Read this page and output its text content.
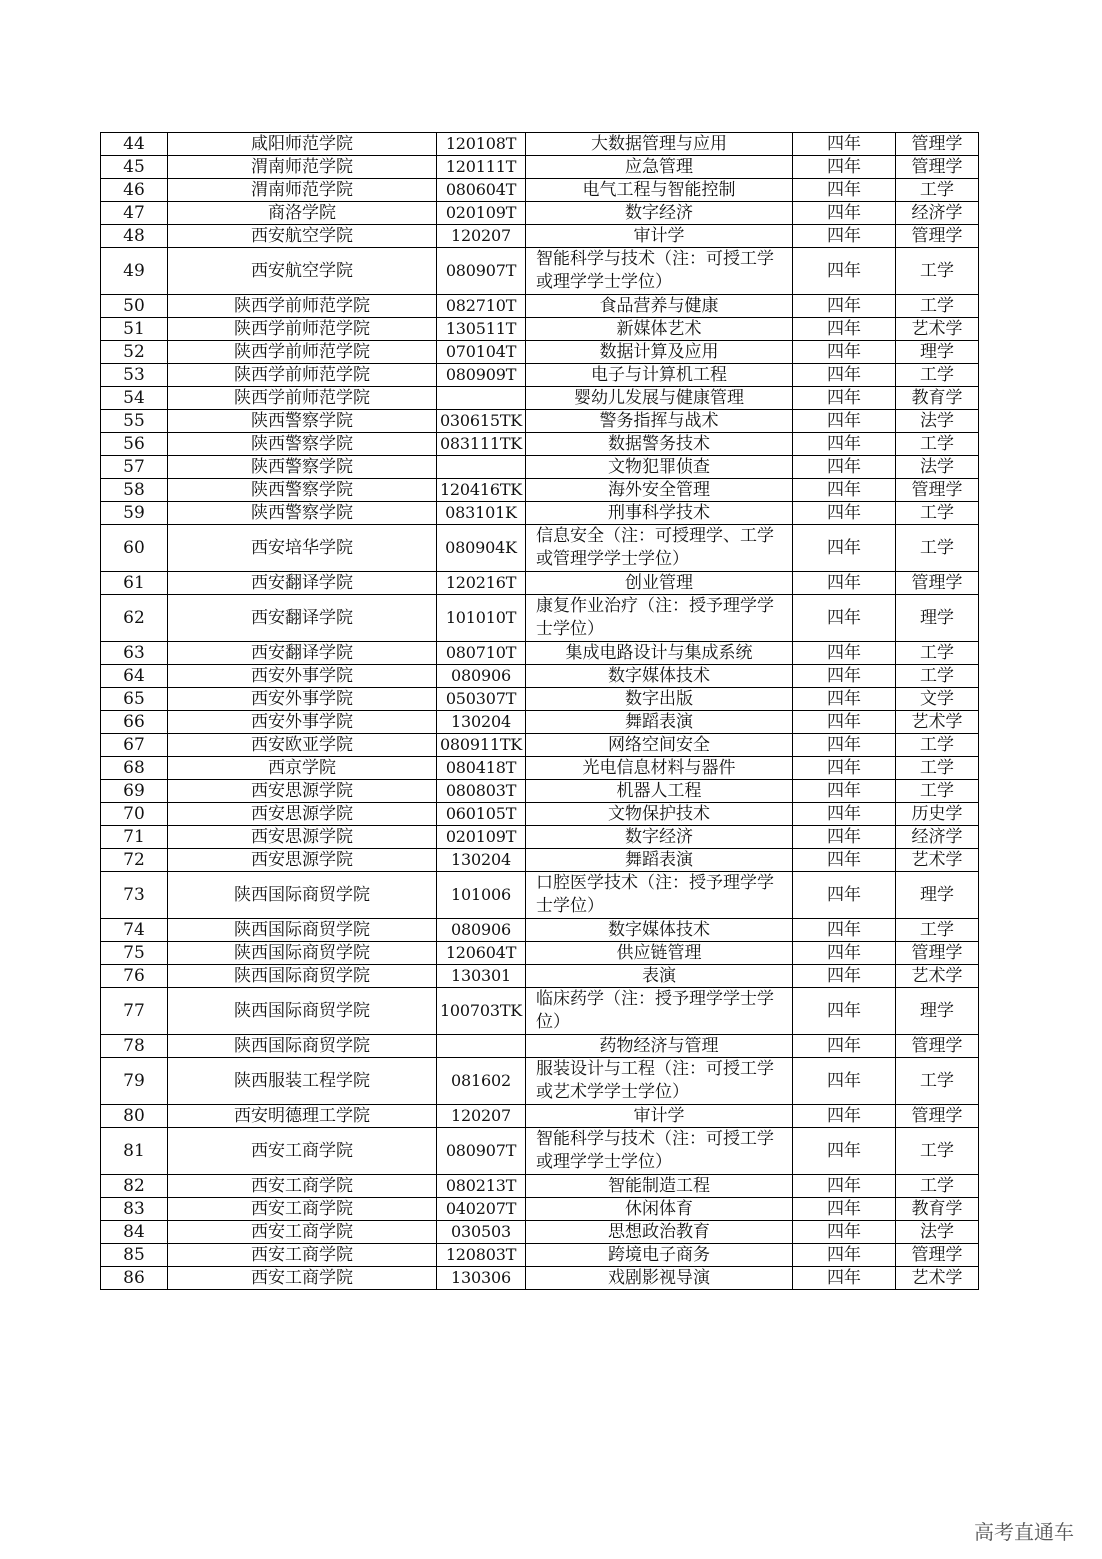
44	咸阳师范学院	120108T	大数据管理与应用	四年	管理学
45	渭南师范学院	120111T	应急管理	四年	管理学
46	渭南师范学院	080604T	电气工程与智能控制	四年	工学
47	商洛学院	020109T	数字经济	四年	经济学
48	西安航空学院	120207	审计学	四年	管理学
49	西安航空学院	080907T	智能科学与技术（注：可授工学或理学学士学位）	四年	工学
50	陕西学前师范学院	082710T	食品营养与健康	四年	工学
51	陕西学前师范学院	130511T	新媒体艺术	四年	艺术学
52	陕西学前师范学院	070104T	数据计算及应用	四年	理学
53	陕西学前师范学院	080909T	电子与计算机工程	四年	工学
54	陕西学前师范学院		婴幼儿发展与健康管理	四年	教育学
55	陕西警察学院	030615TK	警务指挥与战术	四年	法学
56	陕西警察学院	083111TK	数据警务技术	四年	工学
57	陕西警察学院		文物犯罪侦查	四年	法学
58	陕西警察学院	120416TK	海外安全管理	四年	管理学
59	陕西警察学院	083101K	刑事科学技术	四年	工学
60	西安培华学院	080904K	信息安全（注：可授理学、工学或管理学学士学位）	四年	工学
61	西安翻译学院	120216T	创业管理	四年	管理学
62	西安翻译学院	101010T	康复作业治疗（注：授予理学学士学位）	四年	理学
63	西安翻译学院	080710T	集成电路设计与集成系统	四年	工学
64	西安外事学院	080906	数字媒体技术	四年	工学
65	西安外事学院	050307T	数字出版	四年	文学
66	西安外事学院	130204	舞蹈表演	四年	艺术学
67	西安欧亚学院	080911TK	网络空间安全	四年	工学
68	西京学院	080418T	光电信息材料与器件	四年	工学
69	西安思源学院	080803T	机器人工程	四年	工学
70	西安思源学院	060105T	文物保护技术	四年	历史学
71	西安思源学院	020109T	数字经济	四年	经济学
72	西安思源学院	130204	舞蹈表演	四年	艺术学
73	陕西国际商贸学院	101006	口腔医学技术（注：授予理学学士学位）	四年	理学
74	陕西国际商贸学院	080906	数字媒体技术	四年	工学
75	陕西国际商贸学院	120604T	供应链管理	四年	管理学
76	陕西国际商贸学院	130301	表演	四年	艺术学
77	陕西国际商贸学院	100703TK	临床药学（注：授予理学学士学位）	四年	理学
78	陕西国际商贸学院		药物经济与管理	四年	管理学
79	陕西服装工程学院	081602	服装设计与工程（注：可授工学或艺术学学士学位）	四年	工学
80	西安明德理工学院	120207	审计学	四年	管理学
81	西安工商学院	080907T	智能科学与技术（注：可授工学或理学学士学位）	四年	工学
82	西安工商学院	080213T	智能制造工程	四年	工学
83	西安工商学院	040207T	休闲体育	四年	教育学
84	西安工商学院	030503	思想政治教育	四年	法学
85	西安工商学院	120803T	跨境电子商务	四年	管理学
86	西安工商学院	130306	戏剧影视导演	四年	艺术学
高考直通车
